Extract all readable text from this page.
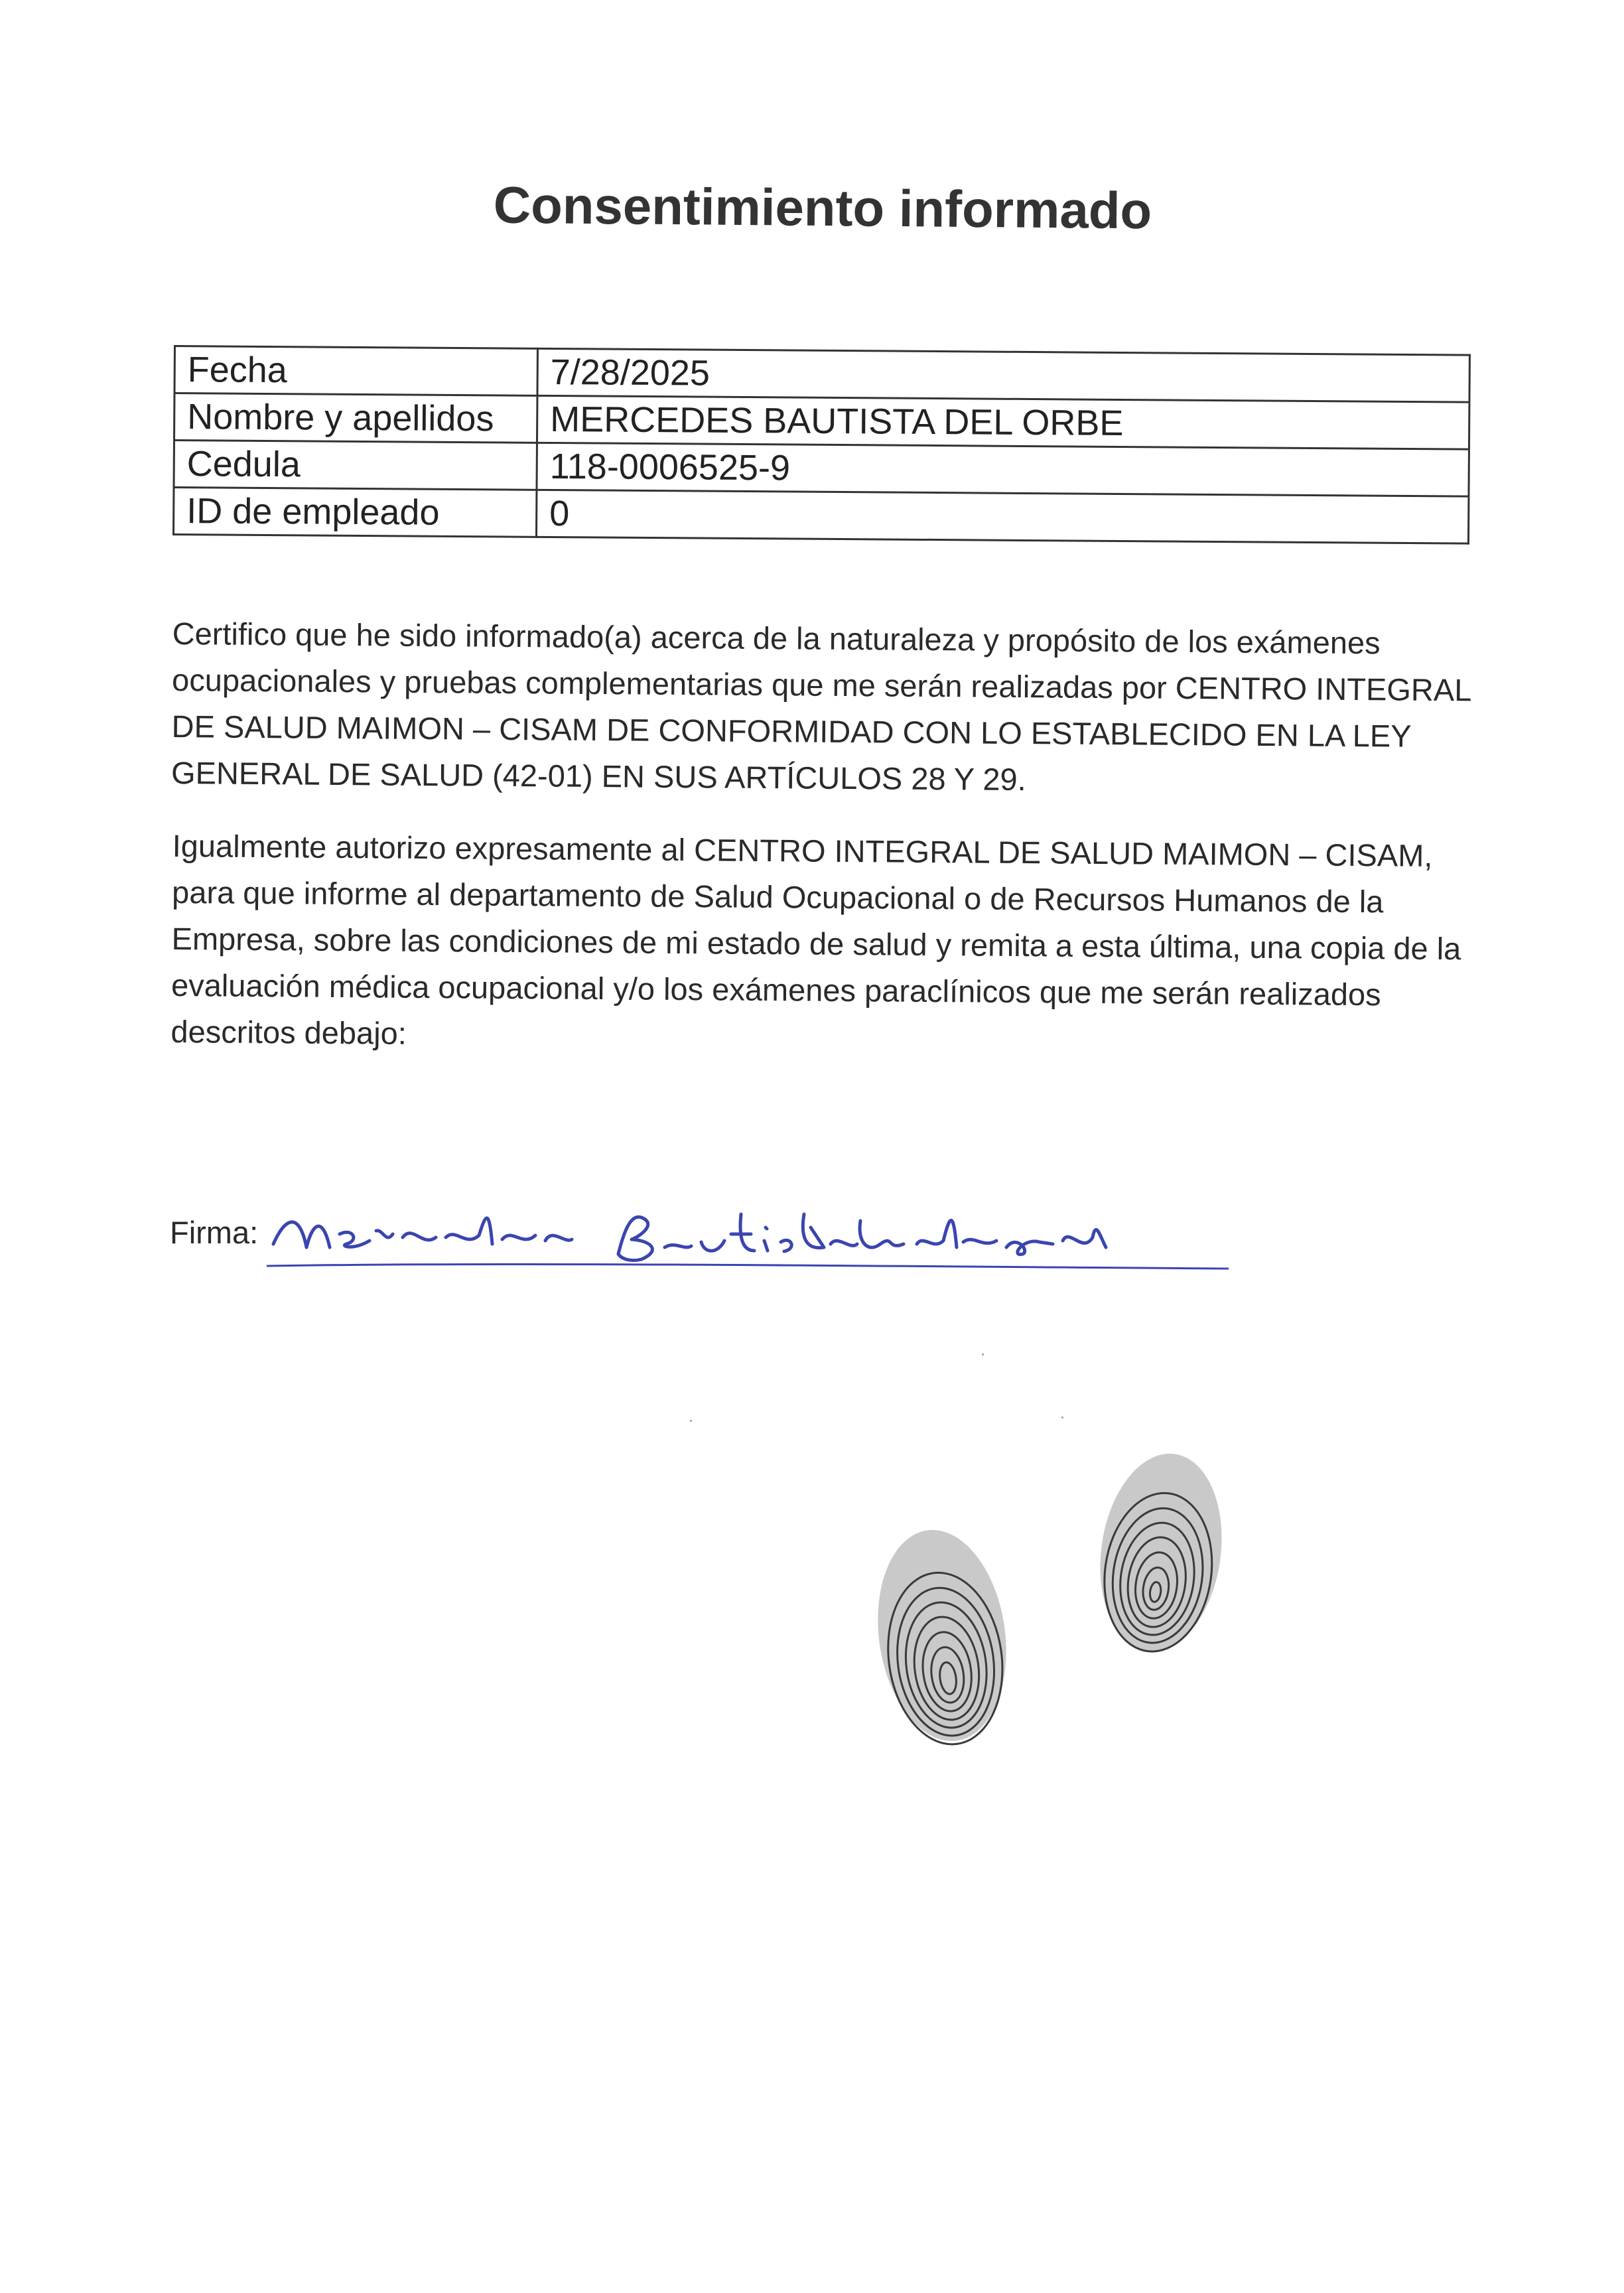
Consentimiento informado
Fecha	7/28/2025
Nombre y apellidos	MERCEDES BAUTISTA DEL ORBE
Cedula	118-0006525-9
ID de empleado	0

Certifico que he sido informado(a) acerca de la naturaleza y propósito de los exámenes ocupacionales y pruebas complementarias que me serán realizadas por CENTRO INTEGRAL DE SALUD MAIMON – CISAM DE CONFORMIDAD CON LO ESTABLECIDO EN LA LEY GENERAL DE SALUD (42-01) EN SUS ARTÍCULOS 28 Y 29.

Igualmente autorizo expresamente al CENTRO INTEGRAL DE SALUD MAIMON – CISAM, para que informe al departamento de Salud Ocupacional o de Recursos Humanos de la Empresa, sobre las condiciones de mi estado de salud y remita a esta última, una copia de la evaluación médica ocupacional y/o los exámenes paraclínicos que me serán realizados descritos debajo:

Firma:
